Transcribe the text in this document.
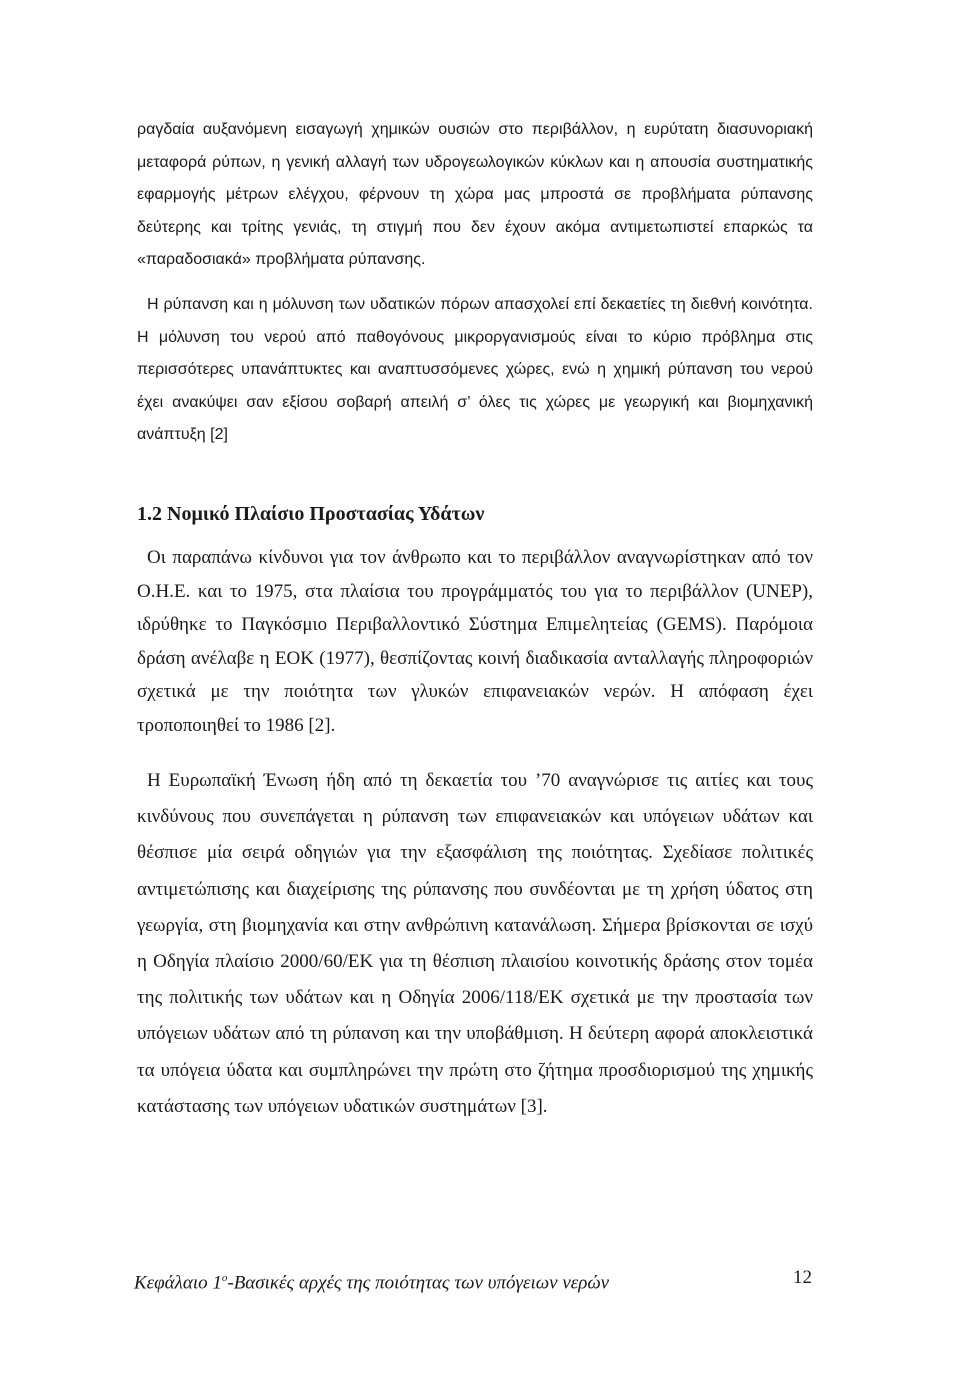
ραγδαία αυξανόμενη εισαγωγή χημικών ουσιών στο περιβάλλον, η ευρύτατη διασυνοριακή μεταφορά ρύπων, η γενική αλλαγή των υδρογεωλογικών κύκλων και η απουσία συστηματικής εφαρμογής μέτρων ελέγχου, φέρνουν τη χώρα μας μπροστά σε προβλήματα ρύπανσης δεύτερης και τρίτης γενιάς, τη στιγμή που δεν έχουν ακόμα αντιμετωπιστεί επαρκώς τα «παραδοσιακά» προβλήματα ρύπανσης.

Η ρύπανση και η μόλυνση των υδατικών πόρων απασχολεί επί δεκαετίες τη διεθνή κοινότητα. Η μόλυνση του νερού από παθογόνους μικροργανισμούς είναι το κύριο πρόβλημα στις περισσότερες υπανάπτυκτες και αναπτυσσόμενες χώρες, ενώ η χημική ρύπανση του νερού έχει ανακύψει σαν εξίσου σοβαρή απειλή σ’ όλες τις χώρες με γεωργική και βιομηχανική ανάπτυξη [2]

1.2 Νομικό Πλαίσιο Προστασίας Υδάτων

Οι παραπάνω κίνδυνοι για τον άνθρωπο και το περιβάλλον αναγνωρίστηκαν από τον Ο.Η.Ε. και το 1975, στα πλαίσια του προγράμματός του για το περιβάλλον (UNEP), ιδρύθηκε το Παγκόσμιο Περιβαλλοντικό Σύστημα Επιμελητείας (GEMS). Παρόμοια δράση ανέλαβε η ΕΟΚ (1977), θεσπίζοντας κοινή διαδικασία ανταλλαγής πληροφοριών σχετικά με την ποιότητα των γλυκών επιφανειακών νερών. Η απόφαση έχει τροποποιηθεί το 1986 [2].

Η Ευρωπαϊκή Ένωση ήδη από τη δεκαετία του ’70 αναγνώρισε τις αιτίες και τους κινδύνους που συνεπάγεται η ρύπανση των επιφανειακών και υπόγειων υδάτων και θέσπισε μία σειρά οδηγιών για την εξασφάλιση της ποιότητας. Σχεδίασε πολιτικές αντιμετώπισης και διαχείρισης της ρύπανσης που συνδέονται με τη χρήση ύδατος στη γεωργία, στη βιομηχανία και στην ανθρώπινη κατανάλωση. Σήμερα βρίσκονται σε ισχύ η Οδηγία πλαίσιο 2000/60/ΕΚ για τη θέσπιση πλαισίου κοινοτικής δράσης στον τομέα της πολιτικής των υδάτων και η Οδηγία 2006/118/ΕΚ σχετικά με την προστασία των υπόγειων υδάτων από τη ρύπανση και την υποβάθμιση. Η δεύτερη αφορά αποκλειστικά τα υπόγεια ύδατα και συμπληρώνει την πρώτη στο ζήτημα προσδιορισμού της χημικής κατάστασης των υπόγειων υδατικών συστημάτων [3].

Κεφάλαιο $1^o$-Βασικές αρχές της ποιότητας των υπόγειων νερών	12
